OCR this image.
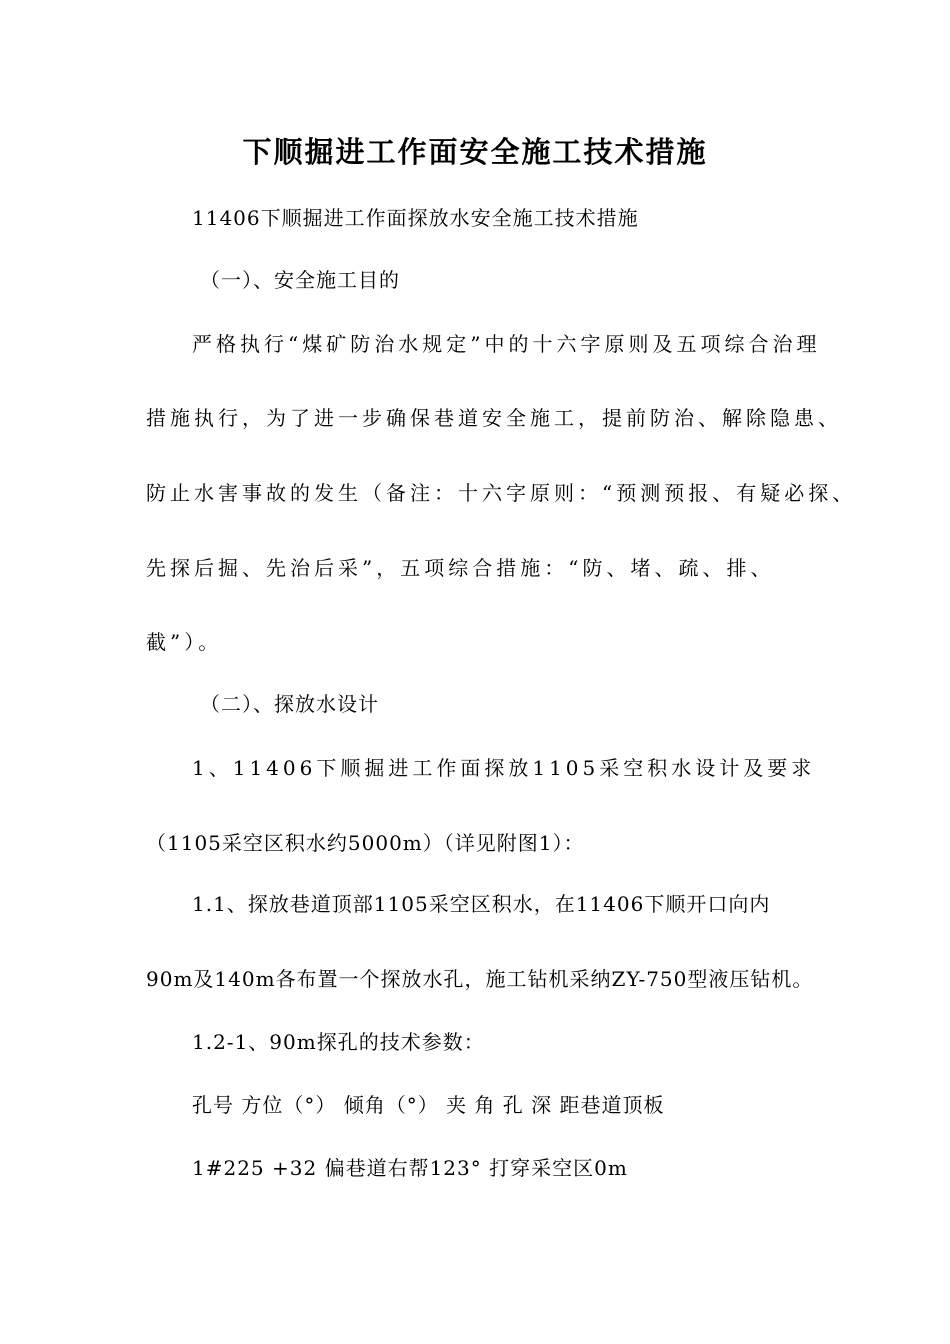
下顺掘进工作面安全施工技术措施
11406下顺掘进工作面探放水安全施工技术措施
（一）、安全施工目的
严格执行“煤矿防治水规定”中的十六字原则及五项综合治理
措施执行，为了进一步确保巷道安全施工，提前防治、解除隐患、
防止水害事故的发生（备注：十六字原则：“预测预报、有疑必探、
先探后掘、先治后采”，五项综合措施：“防、堵、疏、排、
截”）。
（二）、探放水设计
1、11406下顺掘进工作面探放1105采空积水设计及要求
（1105采空区积水约5000m）（详见附图1）：
1.1、探放巷道顶部1105采空区积水，在11406下顺开口向内
90m及140m各布置一个探放水孔，施工钻机采纳ZY-750型液压钻机。
1.2-1、90m探孔的技术参数：
孔号 方位（°） 倾角（°） 夹 角 孔 深 距巷道顶板
1#225 +32 偏巷道右帮123° 打穿采空区0m
